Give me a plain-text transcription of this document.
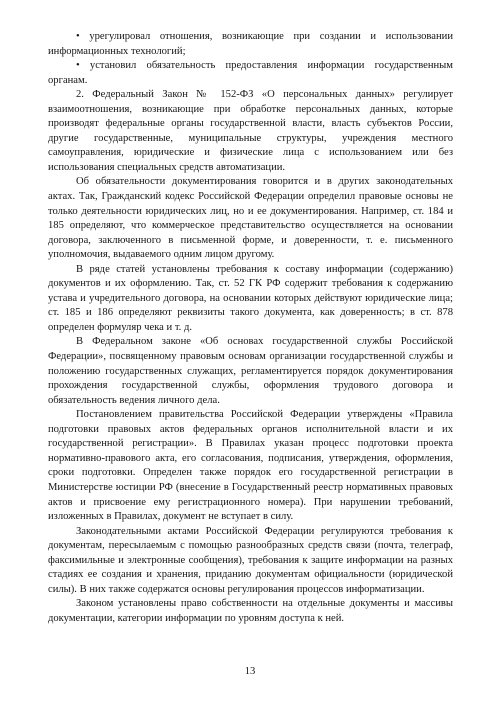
• урегулировал отношения, возникающие при создании и использовании информационных технологий;

• установил обязательность предоставления информации государственным органам.

2. Федеральный Закон № 152-ФЗ «О персональных данных» регулирует взаимоотношения, возникающие при обработке персональных данных, которые производят федеральные органы государственной власти, власть субъектов России, другие государственные, муниципальные структуры, учреждения местного самоуправления, юридические и физические лица с использованием или без использования специальных средств автоматизации.

Об обязательности документирования говорится и в других законодательных актах. Так, Гражданский кодекс Российской Федерации определил правовые основы не только деятельности юридических лиц, но и ее документирования. Например, ст. 184 и 185 определяют, что коммерческое представительство осуществляется на основании договора, заключенного в письменной форме, и доверенности, т. е. письменного уполномочия, выдаваемого одним лицом другому.

В ряде статей установлены требования к составу информации (содержанию) документов и их оформлению. Так, ст. 52 ГК РФ содержит требования к содержанию устава и учредительного договора, на основании которых действуют юридические лица; ст. 185 и 186 определяют реквизиты такого документа, как доверенность; в ст. 878 определен формуляр чека и т. д.

В Федеральном законе «Об основах государственной службы Российской Федерации», посвященному правовым основам организации государственной службы и положению государственных служащих, регламентируется порядок документирования прохождения государственной службы, оформления трудового договора и обязательность ведения личного дела.

Постановлением правительства Российской Федерации утверждены «Правила подготовки правовых актов федеральных органов исполнительной власти и их государственной регистрации». В Правилах указан процесс подготовки проекта нормативно-правового акта, его согласования, подписания, утверждения, оформления, сроки подготовки. Определен также порядок его государственной регистрации в Министерстве юстиции РФ (внесение в Государственный реестр нормативных правовых актов и присвоение ему регистрационного номера). При нарушении требований, изложенных в Правилах, документ не вступает в силу.

Законодательными актами Российской Федерации регулируются требования к документам, пересылаемым с помощью разнообразных средств связи (почта, телеграф, факсимильные и электронные сообщения), требования к защите информации на разных стадиях ее создания и хранения, приданию документам официальности (юридической силы). В них также содержатся основы регулирования процессов информатизации.

Законом установлены право собственности на отдельные документы и массивы документации, категории информации по уровням доступа к ней.

13
